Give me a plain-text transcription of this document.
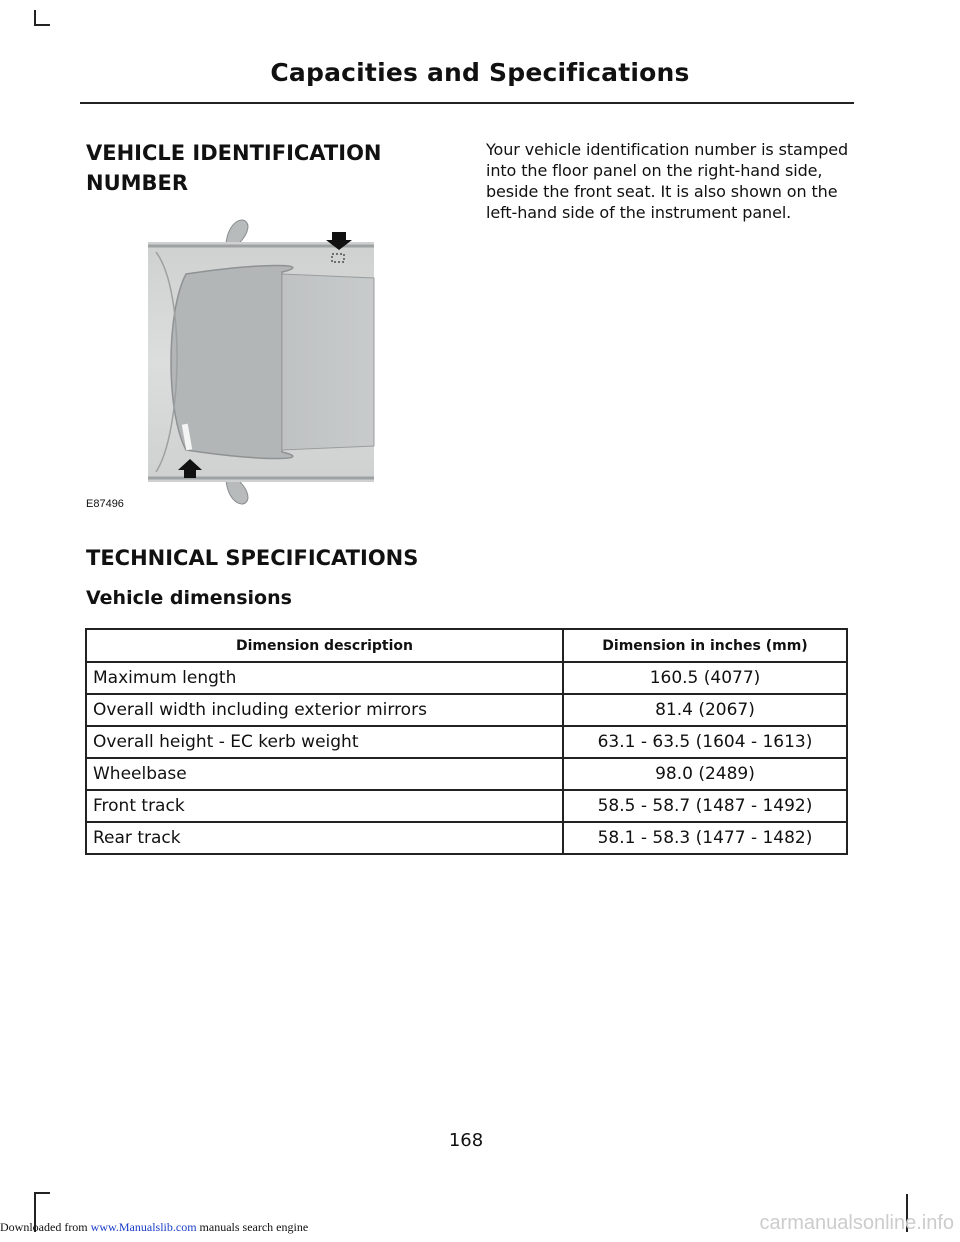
Capacities and Specifications
VEHICLE IDENTIFICATION NUMBER
Your vehicle identification number is stamped into the floor panel on the right-hand side, beside the front seat. It is also shown on the left-hand side of the instrument panel.
E87496
TECHNICAL SPECIFICATIONS
Vehicle dimensions
Dimension description	Dimension in inches (mm)
Maximum length	160.5 (4077)
Overall width including exterior mirrors	81.4 (2067)
Overall height - EC kerb weight	63.1 - 63.5 (1604 - 1613)
Wheelbase	98.0 (2489)
Front track	58.5 - 58.7 (1487 - 1492)
Rear track	58.1 - 58.3 (1477 - 1482)
168
Downloaded from www.Manualslib.com manuals search engine	carmanualsonline.info
